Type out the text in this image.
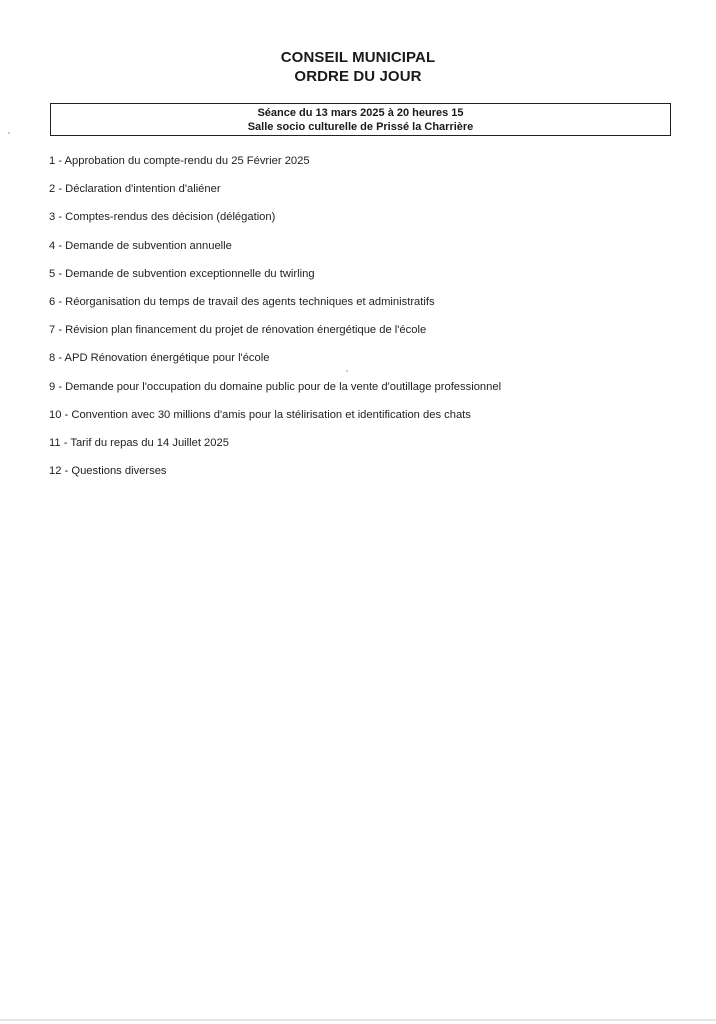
CONSEIL MUNICIPAL
ORDRE DU JOUR
Séance du 13 mars 2025 à 20 heures 15
Salle socio culturelle de Prissé la Charrière
1 - Approbation du compte-rendu du 25 Février 2025
2 - Déclaration d'intention d'aliéner
3 - Comptes-rendus des décision (délégation)
4 - Demande de subvention annuelle
5 - Demande de subvention exceptionnelle du twirling
6 - Réorganisation du temps de travail des agents techniques et administratifs
7 - Révision plan financement du projet de rénovation énergétique de l'école
8 - APD Rénovation énergétique pour l'école
9 - Demande pour l'occupation du domaine public pour de la vente d'outillage professionnel
10 - Convention avec 30 millions d'amis pour la stélirisation et identification des chats
11 - Tarif du repas du 14 Juillet 2025
12 - Questions diverses
